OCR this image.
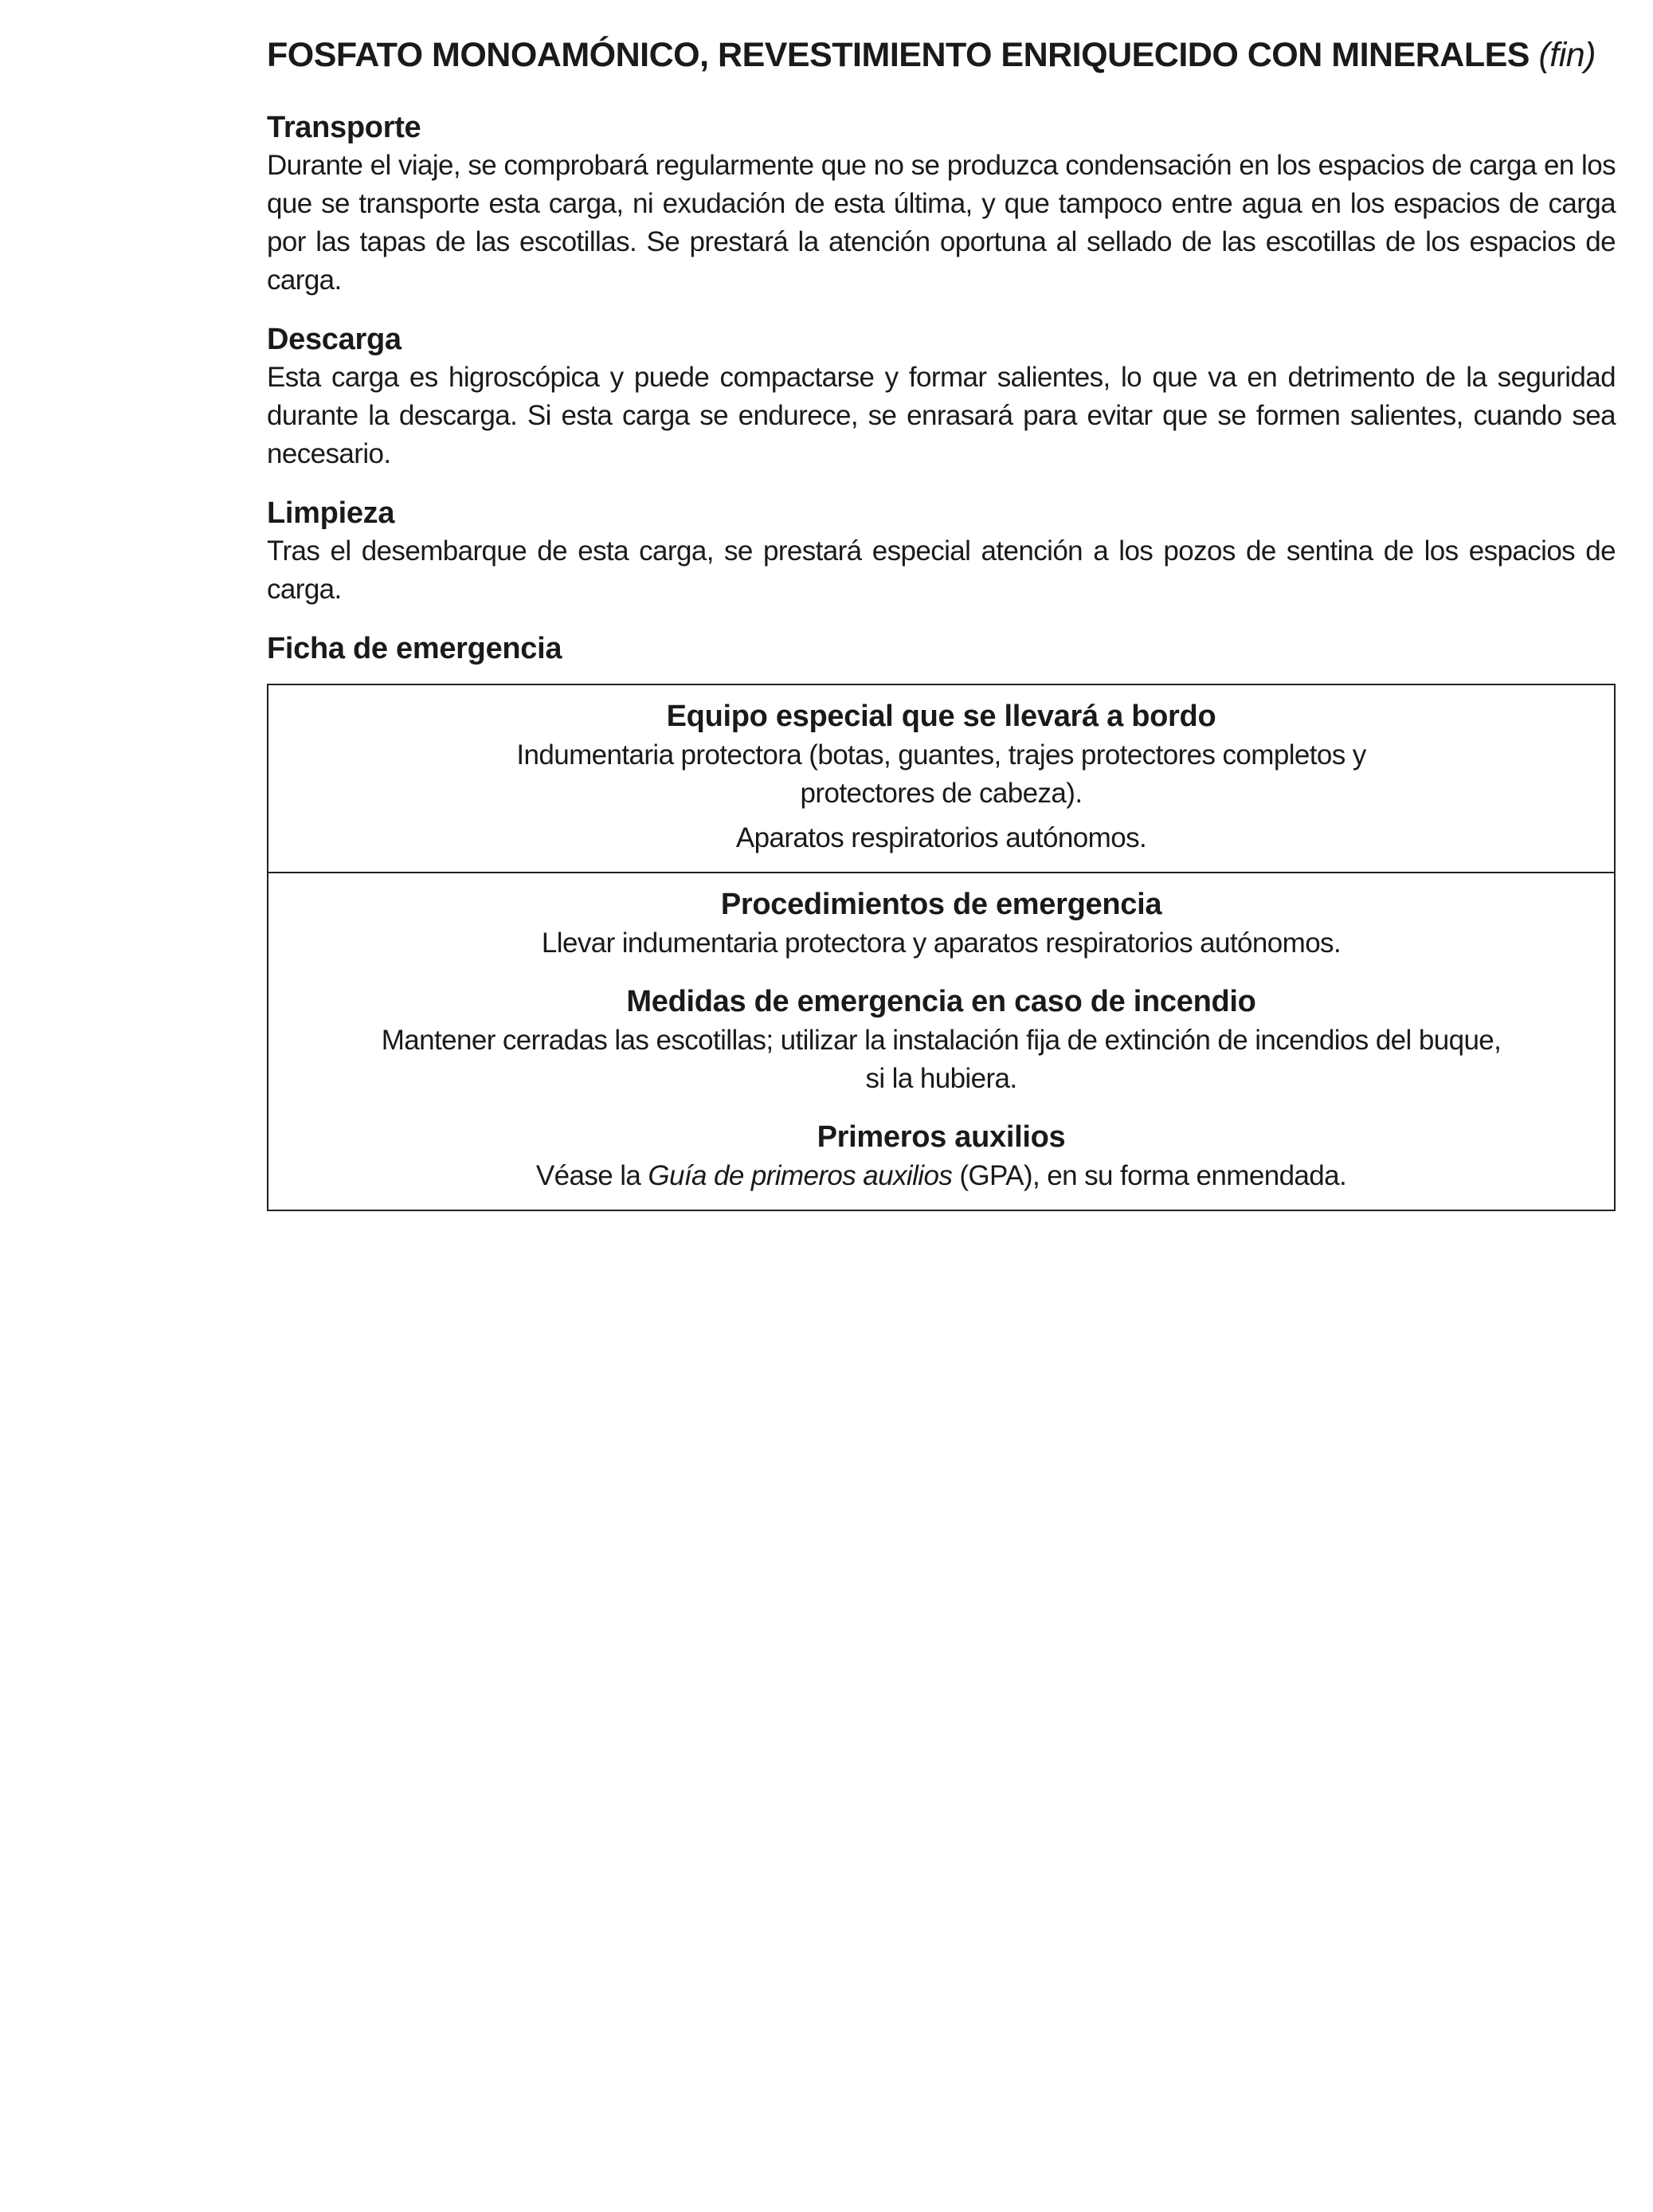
FOSFATO MONOAMÓNICO, REVESTIMIENTO ENRIQUECIDO CON MINERALES (fin)
Transporte

Durante el viaje, se comprobará regularmente que no se produzca condensación en los espacios de carga en los que se transporte esta carga, ni exudación de esta última, y que tampoco entre agua en los espacios de carga por las tapas de las escotillas. Se prestará la atención oportuna al sellado de las escotillas de los espacios de carga.

Descarga

Esta carga es higroscópica y puede compactarse y formar salientes, lo que va en detrimento de la seguridad durante la descarga. Si esta carga se endurece, se enrasará para evitar que se formen salientes, cuando sea necesario.

Limpieza

Tras el desembarque de esta carga, se prestará especial atención a los pozos de sentina de los espacios de carga.

Ficha de emergencia

Equipo especial que se llevará a bordo

Indumentaria protectora (botas, guantes, trajes protectores completos y

protectores de cabeza).

Aparatos respiratorios autónomos.

Procedimientos de emergencia

Llevar indumentaria protectora y aparatos respiratorios autónomos.

Medidas de emergencia en caso de incendio

Mantener cerradas las escotillas; utilizar la instalación fija de extinción de incendios del buque,

si la hubiera.

Primeros auxilios

Véase la Guía de primeros auxilios (GPA), en su forma enmendada.
